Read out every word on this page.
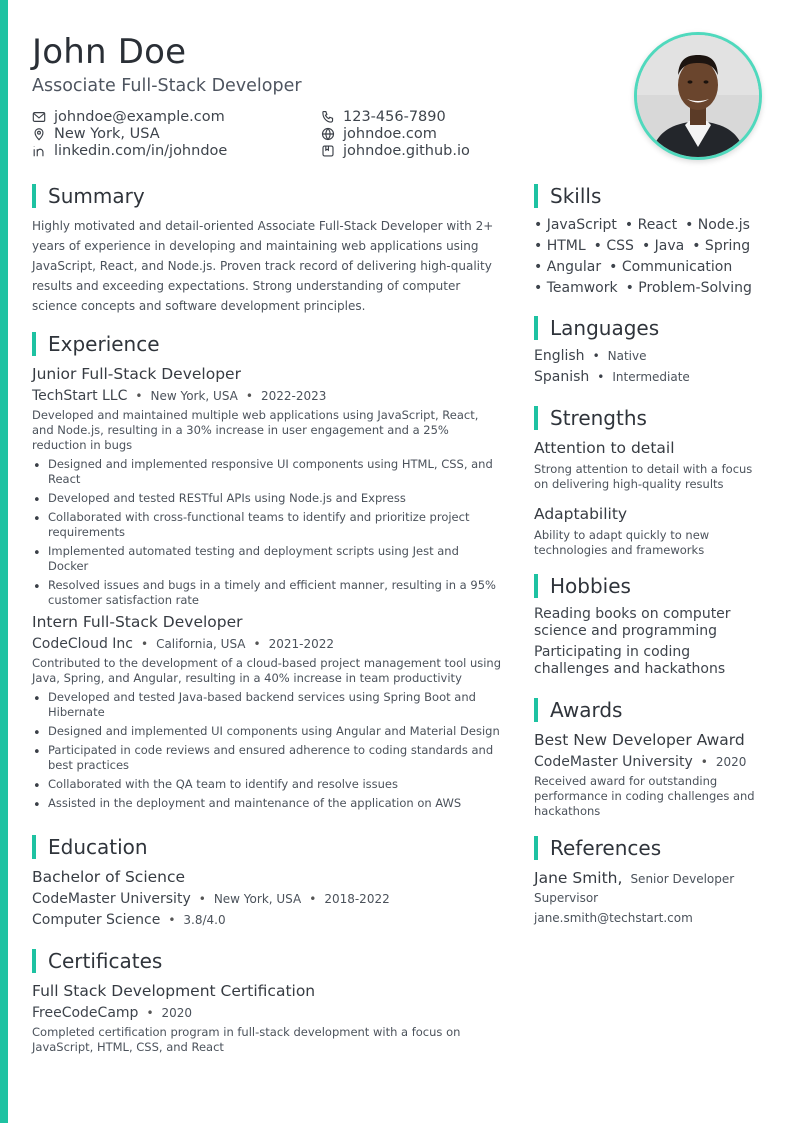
John Doe
Associate Full-Stack Developer
johndoe@example.com
New York, USA
linkedin.com/in/johndoe
123-456-7890
johndoe.com
johndoe.github.io
Summary
Highly motivated and detail-oriented Associate Full-Stack Developer with 2+ years of experience in developing and maintaining web applications using JavaScript, React, and Node.js. Proven track record of delivering high-quality results and exceeding expectations. Strong understanding of computer science concepts and software development principles.
Experience
Junior Full-Stack Developer
TechStart LLC • New York, USA • 2022-2023
Developed and maintained multiple web applications using JavaScript, React, and Node.js, resulting in a 30% increase in user engagement and a 25% reduction in bugs
• Designed and implemented responsive UI components using HTML, CSS, and React
• Developed and tested RESTful APIs using Node.js and Express
• Collaborated with cross-functional teams to identify and prioritize project requirements
• Implemented automated testing and deployment scripts using Jest and Docker
• Resolved issues and bugs in a timely and efficient manner, resulting in a 95% customer satisfaction rate
Intern Full-Stack Developer
CodeCloud Inc • California, USA • 2021-2022
Contributed to the development of a cloud-based project management tool using Java, Spring, and Angular, resulting in a 40% increase in team productivity
• Developed and tested Java-based backend services using Spring Boot and Hibernate
• Designed and implemented UI components using Angular and Material Design
• Participated in code reviews and ensured adherence to coding standards and best practices
• Collaborated with the QA team to identify and resolve issues
• Assisted in the deployment and maintenance of the application on AWS
Education
Bachelor of Science
CodeMaster University • New York, USA • 2018-2022
Computer Science • 3.8/4.0
Certificates
Full Stack Development Certification
FreeCodeCamp • 2020
Completed certification program in full-stack development with a focus on JavaScript, HTML, CSS, and React
Skills
• JavaScript • React • Node.js
• HTML • CSS • Java • Spring
• Angular • Communication
• Teamwork • Problem-Solving
Languages
English • Native
Spanish • Intermediate
Strengths
Attention to detail
Strong attention to detail with a focus on delivering high-quality results
Adaptability
Ability to adapt quickly to new technologies and frameworks
Hobbies
Reading books on computer science and programming
Participating in coding challenges and hackathons
Awards
Best New Developer Award
CodeMaster University • 2020
Received award for outstanding performance in coding challenges and hackathons
References
Jane Smith, Senior Developer
Supervisor
jane.smith@techstart.com
